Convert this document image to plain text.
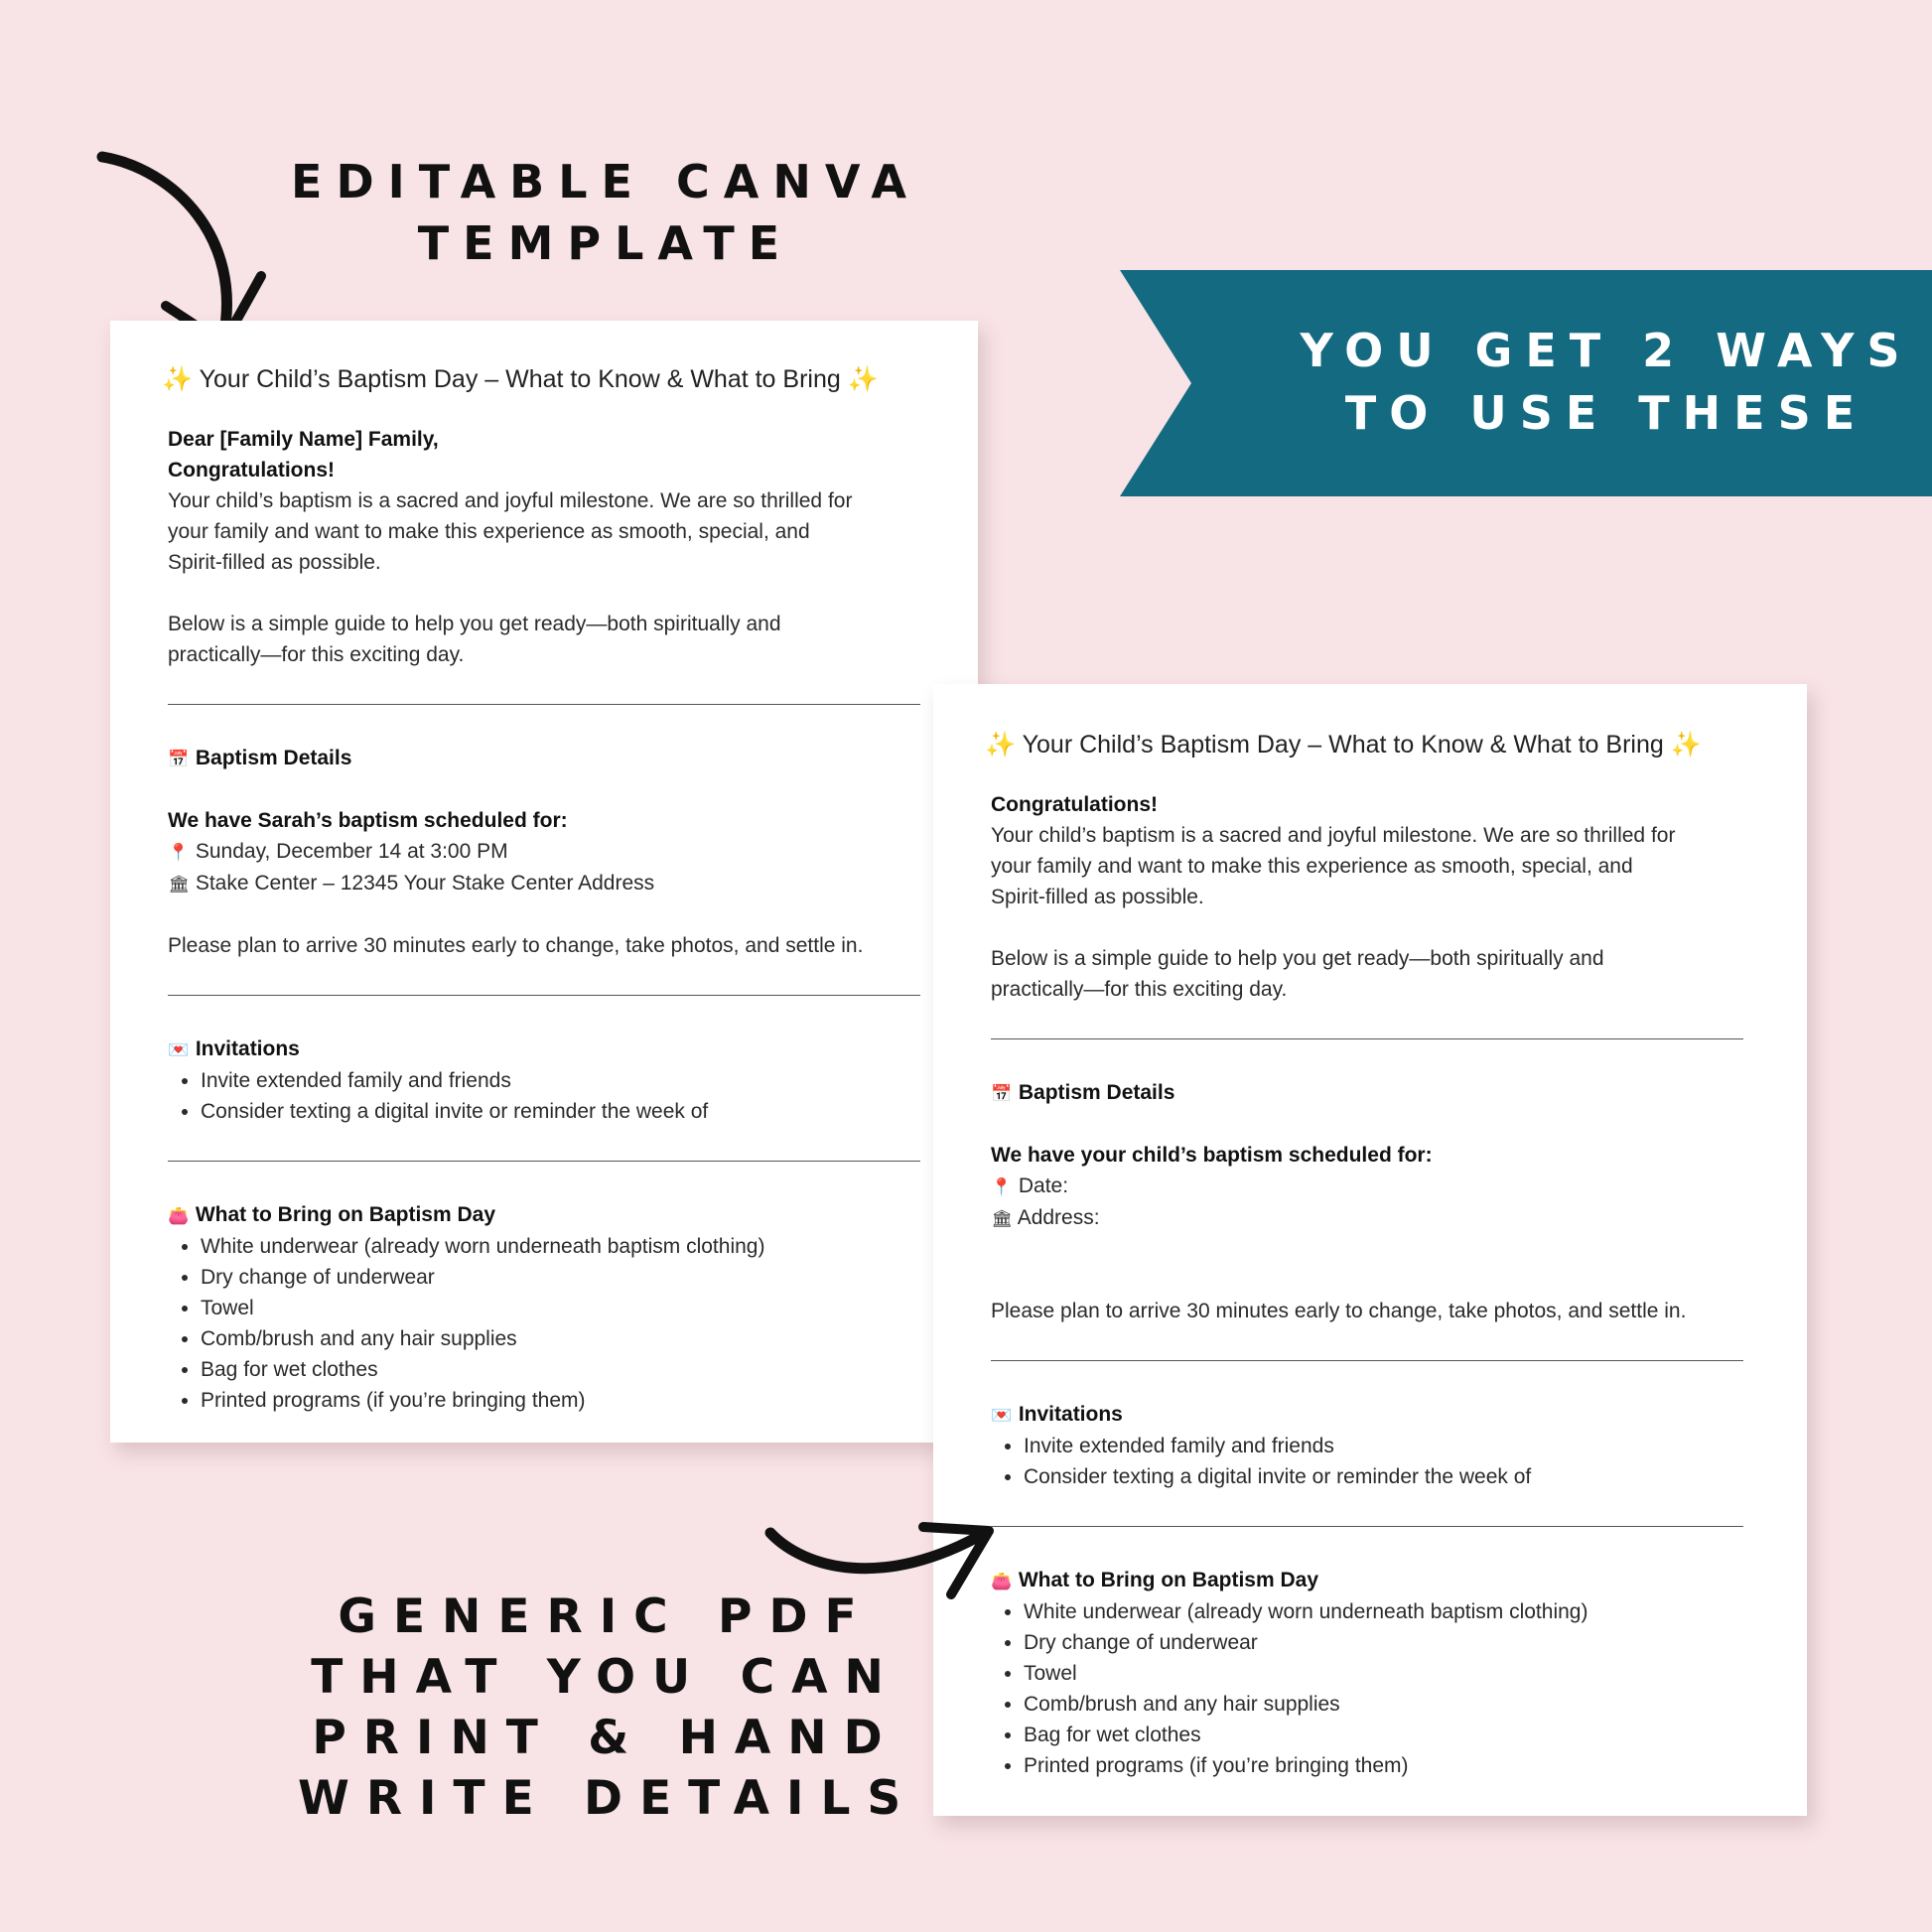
EDITABLE CANVA
TEMPLATE
YOU GET 2 WAYS
TO USE THESE
✨ Your Child’s Baptism Day – What to Know & What to Bring ✨
Dear [Family Name] Family,
Congratulations!
Your child’s baptism is a sacred and joyful milestone. We are so thrilled for
your family and want to make this experience as smooth, special, and
Spirit-filled as possible.
Below is a simple guide to help you get ready—both spiritually and
practically—for this exciting day.
📅 Baptism Details
We have Sarah’s baptism scheduled for:
📍 Sunday, December 14 at 3:00 PM
🏛 Stake Center – 12345 Your Stake Center Address
Please plan to arrive 30 minutes early to change, take photos, and settle in.
💌 Invitations
• Invite extended family and friends
• Consider texting a digital invite or reminder the week of
👛 What to Bring on Baptism Day
• White underwear (already worn underneath baptism clothing)
• Dry change of underwear
• Towel
• Comb/brush and any hair supplies
• Bag for wet clothes
• Printed programs (if you’re bringing them)
✨ Your Child’s Baptism Day – What to Know & What to Bring ✨
Congratulations!
Your child’s baptism is a sacred and joyful milestone. We are so thrilled for
your family and want to make this experience as smooth, special, and
Spirit-filled as possible.
Below is a simple guide to help you get ready—both spiritually and
practically—for this exciting day.
📅 Baptism Details
We have your child’s baptism scheduled for:
📍 Date:
🏛 Address:
Please plan to arrive 30 minutes early to change, take photos, and settle in.
💌 Invitations
• Invite extended family and friends
• Consider texting a digital invite or reminder the week of
👛 What to Bring on Baptism Day
• White underwear (already worn underneath baptism clothing)
• Dry change of underwear
• Towel
• Comb/brush and any hair supplies
• Bag for wet clothes
• Printed programs (if you’re bringing them)
GENERIC PDF
THAT YOU CAN
PRINT & HAND
WRITE DETAILS
